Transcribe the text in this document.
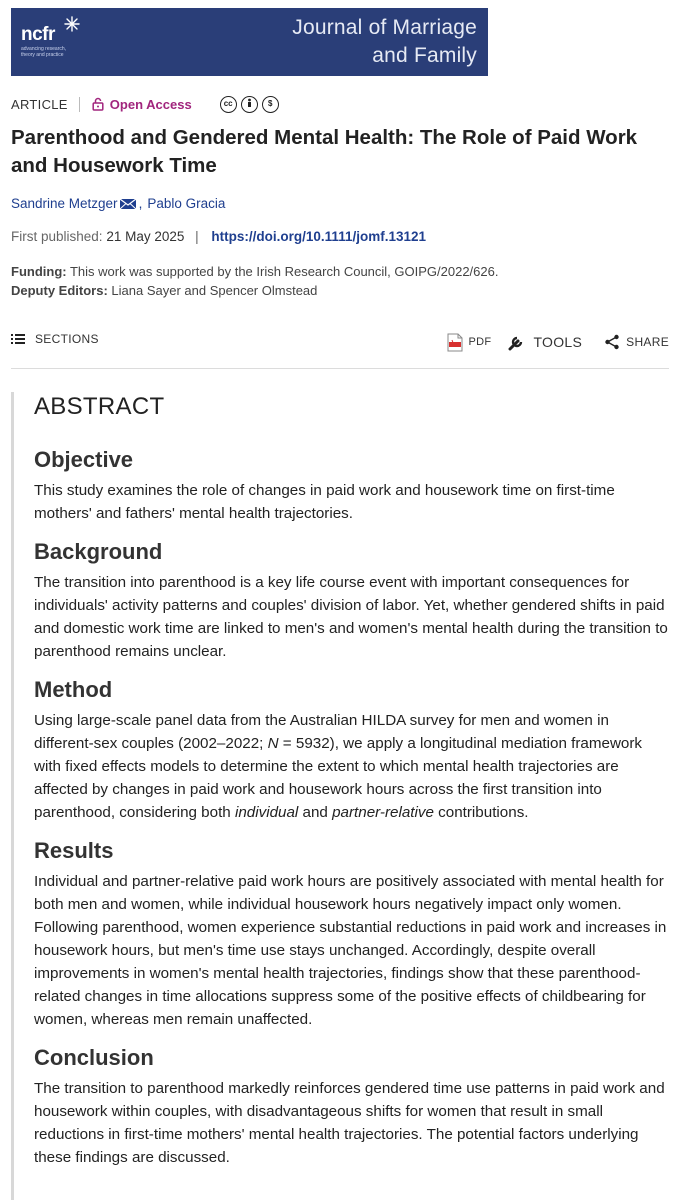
ncfr
advancing research, theory and practice
Journal of Marriage
and Family
ARTICLE	Open Access	cc	$
Parenthood and Gendered Mental Health: The Role of Paid Work and Housework Time
Sandrine Metzger , Pablo Gracia
First published: 21 May 2025 | https://doi.org/10.1111/jomf.13121
Funding: This work was supported by the Irish Research Council, GOIPG/2022/626.
Deputy Editors: Liana Sayer and Spencer Olmstead
SECTIONS	PDF	TOOLS	SHARE
ABSTRACT
Objective

This study examines the role of changes in paid work and housework time on first-time mothers' and fathers' mental health trajectories.

Background

The transition into parenthood is a key life course event with important consequences for individuals' activity patterns and couples' division of labor. Yet, whether gendered shifts in paid and domestic work time are linked to men's and women's mental health during the transition to parenthood remains unclear.

Method

Using large-scale panel data from the Australian HILDA survey for men and women in different-sex couples (2002–2022; N = 5932), we apply a longitudinal mediation framework with fixed effects models to determine the extent to which mental health trajectories are affected by changes in paid work and housework hours across the first transition into parenthood, considering both individual and partner-relative contributions.

Results

Individual and partner-relative paid work hours are positively associated with mental health for both men and women, while individual housework hours negatively impact only women. Following parenthood, women experience substantial reductions in paid work and increases in housework hours, but men's time use stays unchanged. Accordingly, despite overall improvements in women's mental health trajectories, findings show that these parenthood-related changes in time allocations suppress some of the positive effects of childbearing for women, whereas men remain unaffected.

Conclusion

The transition to parenthood markedly reinforces gendered time use patterns in paid work and housework within couples, with disadvantageous shifts for women that result in small reductions in first-time mothers' mental health trajectories. The potential factors underlying these findings are discussed.
